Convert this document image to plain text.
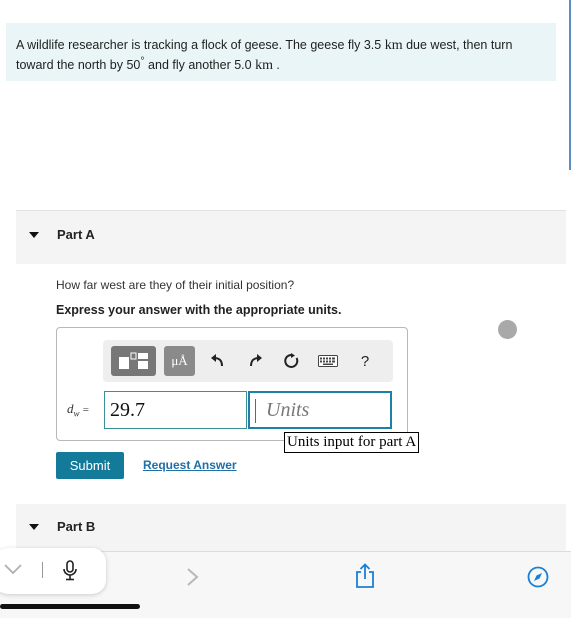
A wildlife researcher is tracking a flock of geese. The geese fly 3.5 km due west, then turn toward the north by 50° and fly another 5.0 km .
Part A
How far west are they of their initial position?
Express your answer with the appropriate units.
μÅ	?
$d_w$ =	29.7	Units
Units input for part A
Submit	Request Answer
Part B
